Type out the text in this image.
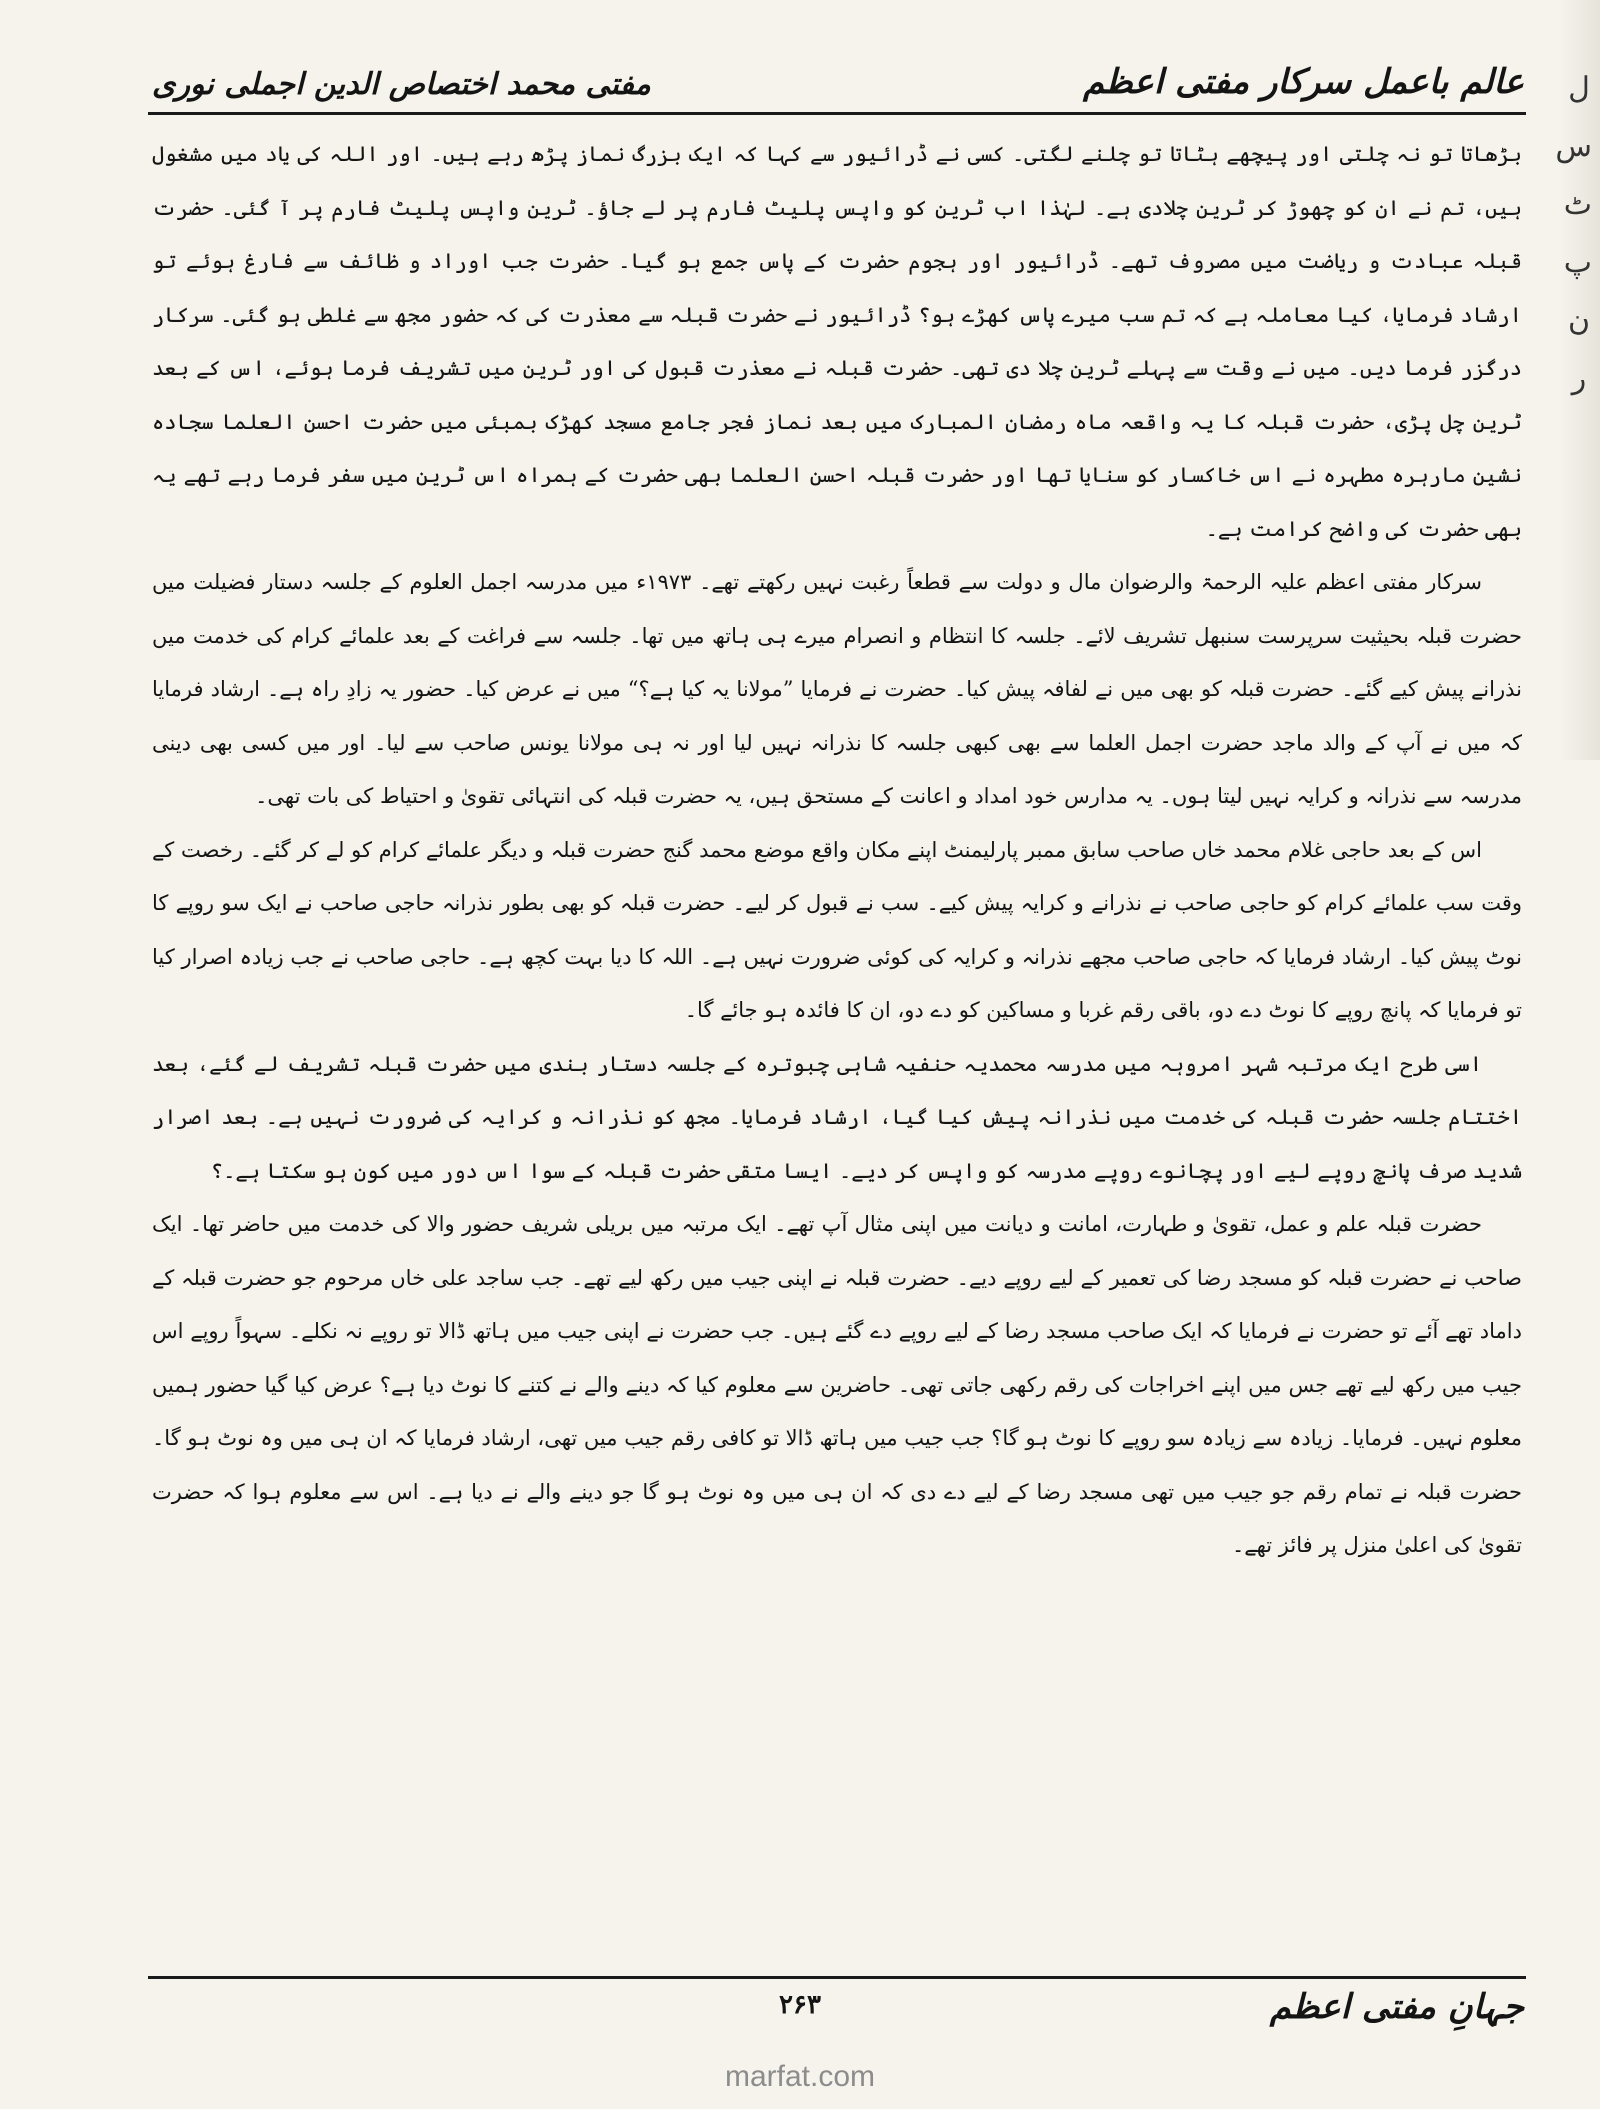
ل س ٹ پ ن ر
عالم باعمل سرکار مفتی اعظم
مفتی محمد اختصاص الدین اجملی نوری

بڑھاتا تو نہ چلتی اور پیچھے ہٹاتا تو چلنے لگتی۔ کسی نے ڈرائیور سے کہا کہ ایک بزرگ نماز پڑھ رہے ہیں۔ اور اللہ کی یاد میں مشغول ہیں، تم نے ان کو چھوڑ کر ٹرین چلادی ہے۔ لہٰذا اب ٹرین کو واپس پلیٹ فارم پر لے جاؤ۔ ٹرین واپس پلیٹ فارم پر آ گئی۔ حضرت قبلہ عبادت و ریاضت میں مصروف تھے۔ ڈرائیور اور ہجوم حضرت کے پاس جمع ہو گیا۔ حضرت جب اوراد و ظائف سے فارغ ہوئے تو ارشاد فرمایا، کیا معاملہ ہے کہ تم سب میرے پاس کھڑے ہو؟ ڈرائیور نے حضرت قبلہ سے معذرت کی کہ حضور مجھ سے غلطی ہو گئی۔ سرکار درگزر فرما دیں۔ میں نے وقت سے پہلے ٹرین چلا دی تھی۔ حضرت قبلہ نے معذرت قبول کی اور ٹرین میں تشریف فرما ہوئے، اس کے بعد ٹرین چل پڑی، حضرت قبلہ کا یہ واقعہ ماہ رمضان المبارک میں بعد نماز فجر جامع مسجد کھڑک بمبئی میں حضرت احسن العلما سجادہ نشین مارہرہ مطہرہ نے اس خاکسار کو سنایا تھا اور حضرت قبلہ احسن العلما بھی حضرت کے ہمراہ اس ٹرین میں سفر فرما رہے تھے یہ بھی حضرت کی واضح کرامت ہے۔

سرکار مفتی اعظم علیہ الرحمۃ والرضوان مال و دولت سے قطعاً رغبت نہیں رکھتے تھے۔ ۱۹۷۳ء میں مدرسہ اجمل العلوم کے جلسہ دستار فضیلت میں حضرت قبلہ بحیثیت سرپرست سنبھل تشریف لائے۔ جلسہ کا انتظام و انصرام میرے ہی ہاتھ میں تھا۔ جلسہ سے فراغت کے بعد علمائے کرام کی خدمت میں نذرانے پیش کیے گئے۔ حضرت قبلہ کو بھی میں نے لفافہ پیش کیا۔ حضرت نے فرمایا ”مولانا یہ کیا ہے؟“ میں نے عرض کیا۔ حضور یہ زادِ راہ ہے۔ ارشاد فرمایا کہ میں نے آپ کے والد ماجد حضرت اجمل العلما سے بھی کبھی جلسہ کا نذرانہ نہیں لیا اور نہ ہی مولانا یونس صاحب سے لیا۔ اور میں کسی بھی دینی مدرسہ سے نذرانہ و کرایہ نہیں لیتا ہوں۔ یہ مدارس خود امداد و اعانت کے مستحق ہیں، یہ حضرت قبلہ کی انتہائی تقویٰ و احتیاط کی بات تھی۔

اس کے بعد حاجی غلام محمد خاں صاحب سابق ممبر پارلیمنٹ اپنے مکان واقع موضع محمد گنج حضرت قبلہ و دیگر علمائے کرام کو لے کر گئے۔ رخصت کے وقت سب علمائے کرام کو حاجی صاحب نے نذرانے و کرایہ پیش کیے۔ سب نے قبول کر لیے۔ حضرت قبلہ کو بھی بطور نذرانہ حاجی صاحب نے ایک سو روپے کا نوٹ پیش کیا۔ ارشاد فرمایا کہ حاجی صاحب مجھے نذرانہ و کرایہ کی کوئی ضرورت نہیں ہے۔ اللہ کا دیا بہت کچھ ہے۔ حاجی صاحب نے جب زیادہ اصرار کیا تو فرمایا کہ پانچ روپے کا نوٹ دے دو، باقی رقم غربا و مساکین کو دے دو، ان کا فائدہ ہو جائے گا۔

اسی طرح ایک مرتبہ شہر امروہہ میں مدرسہ محمدیہ حنفیہ شاہی چبوترہ کے جلسہ دستار بندی میں حضرت قبلہ تشریف لے گئے، بعد اختتام جلسہ حضرت قبلہ کی خدمت میں نذرانہ پیش کیا گیا، ارشاد فرمایا۔ مجھ کو نذرانہ و کرایہ کی ضرورت نہیں ہے۔ بعد اصرار شدید صرف پانچ روپے لیے اور پچانوے روپے مدرسہ کو واپس کر دیے۔ ایسا متقی حضرت قبلہ کے سوا اس دور میں کون ہو سکتا ہے۔؟

حضرت قبلہ علم و عمل، تقویٰ و طہارت، امانت و دیانت میں اپنی مثال آپ تھے۔ ایک مرتبہ میں بریلی شریف حضور والا کی خدمت میں حاضر تھا۔ ایک صاحب نے حضرت قبلہ کو مسجد رضا کی تعمیر کے لیے روپے دیے۔ حضرت قبلہ نے اپنی جیب میں رکھ لیے تھے۔ جب ساجد علی خاں مرحوم جو حضرت قبلہ کے داماد تھے آئے تو حضرت نے فرمایا کہ ایک صاحب مسجد رضا کے لیے روپے دے گئے ہیں۔ جب حضرت نے اپنی جیب میں ہاتھ ڈالا تو روپے نہ نکلے۔ سہواً روپے اس جیب میں رکھ لیے تھے جس میں اپنے اخراجات کی رقم رکھی جاتی تھی۔ حاضرین سے معلوم کیا کہ دینے والے نے کتنے کا نوٹ دیا ہے؟ عرض کیا گیا حضور ہمیں معلوم نہیں۔ فرمایا۔ زیادہ سے زیادہ سو روپے کا نوٹ ہو گا؟ جب جیب میں ہاتھ ڈالا تو کافی رقم جیب میں تھی، ارشاد فرمایا کہ ان ہی میں وہ نوٹ ہو گا۔ حضرت قبلہ نے تمام رقم جو جیب میں تھی مسجد رضا کے لیے دے دی کہ ان ہی میں وہ نوٹ ہو گا جو دینے والے نے دیا ہے۔ اس سے معلوم ہوا کہ حضرت تقویٰ کی اعلیٰ منزل پر فائز تھے۔

جہانِ مفتی اعظم
۲۶۳
marfat.com
